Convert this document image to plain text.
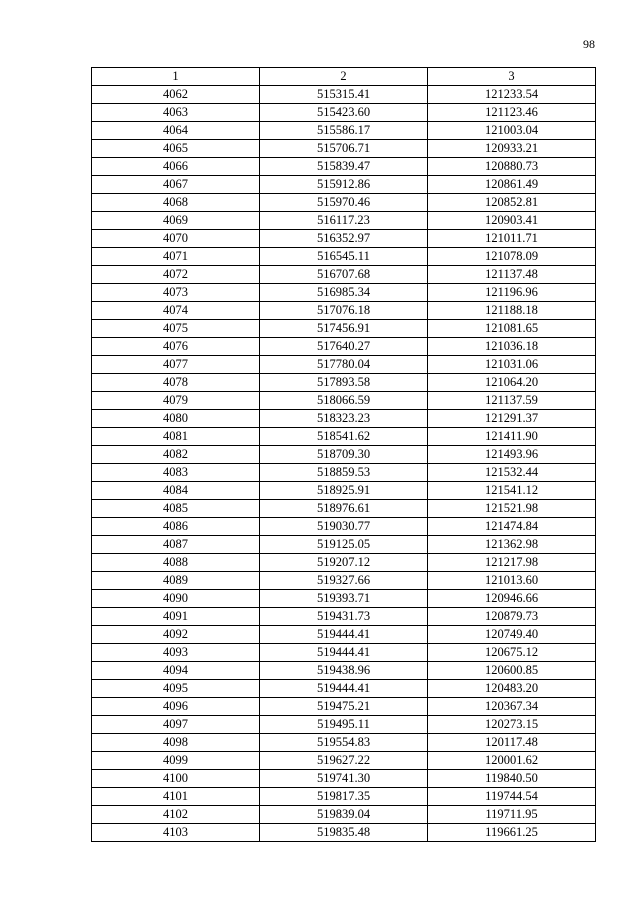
98
1	2	3
4062	515315.41	121233.54
4063	515423.60	121123.46
4064	515586.17	121003.04
4065	515706.71	120933.21
4066	515839.47	120880.73
4067	515912.86	120861.49
4068	515970.46	120852.81
4069	516117.23	120903.41
4070	516352.97	121011.71
4071	516545.11	121078.09
4072	516707.68	121137.48
4073	516985.34	121196.96
4074	517076.18	121188.18
4075	517456.91	121081.65
4076	517640.27	121036.18
4077	517780.04	121031.06
4078	517893.58	121064.20
4079	518066.59	121137.59
4080	518323.23	121291.37
4081	518541.62	121411.90
4082	518709.30	121493.96
4083	518859.53	121532.44
4084	518925.91	121541.12
4085	518976.61	121521.98
4086	519030.77	121474.84
4087	519125.05	121362.98
4088	519207.12	121217.98
4089	519327.66	121013.60
4090	519393.71	120946.66
4091	519431.73	120879.73
4092	519444.41	120749.40
4093	519444.41	120675.12
4094	519438.96	120600.85
4095	519444.41	120483.20
4096	519475.21	120367.34
4097	519495.11	120273.15
4098	519554.83	120117.48
4099	519627.22	120001.62
4100	519741.30	119840.50
4101	519817.35	119744.54
4102	519839.04	119711.95
4103	519835.48	119661.25
